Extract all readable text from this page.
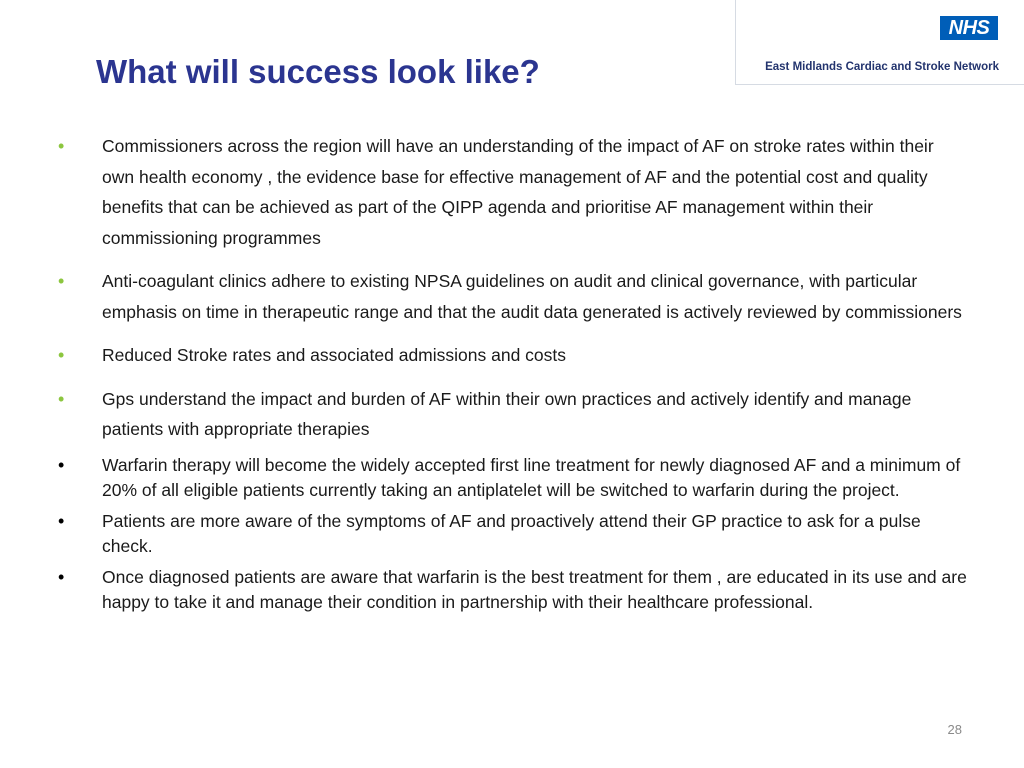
What will success look like?
NHS
East Midlands Cardiac and Stroke Network
• Commissioners across the region will have an understanding of the impact of AF on stroke rates within their own health economy , the evidence base for effective management of AF and the potential cost and quality benefits that can be achieved as part of the QIPP agenda and prioritise AF management within their commissioning programmes
• Anti-coagulant clinics adhere to existing NPSA guidelines on audit and clinical governance, with particular emphasis on time in therapeutic range and that the audit data generated is actively reviewed by commissioners
• Reduced Stroke rates and associated admissions and costs
• Gps understand the impact and burden of AF within their own practices and actively identify and manage patients with appropriate therapies
• Warfarin therapy will become the widely accepted first line treatment for newly diagnosed AF and a minimum of 20% of all eligible patients currently taking an antiplatelet will be switched to warfarin during the project.
• Patients are more aware of the symptoms of AF and proactively attend their GP practice to ask for a pulse check.
• Once diagnosed patients are aware that warfarin is the best treatment for them , are educated in its use and are happy to take it and manage their condition in partnership with their healthcare professional.
28
